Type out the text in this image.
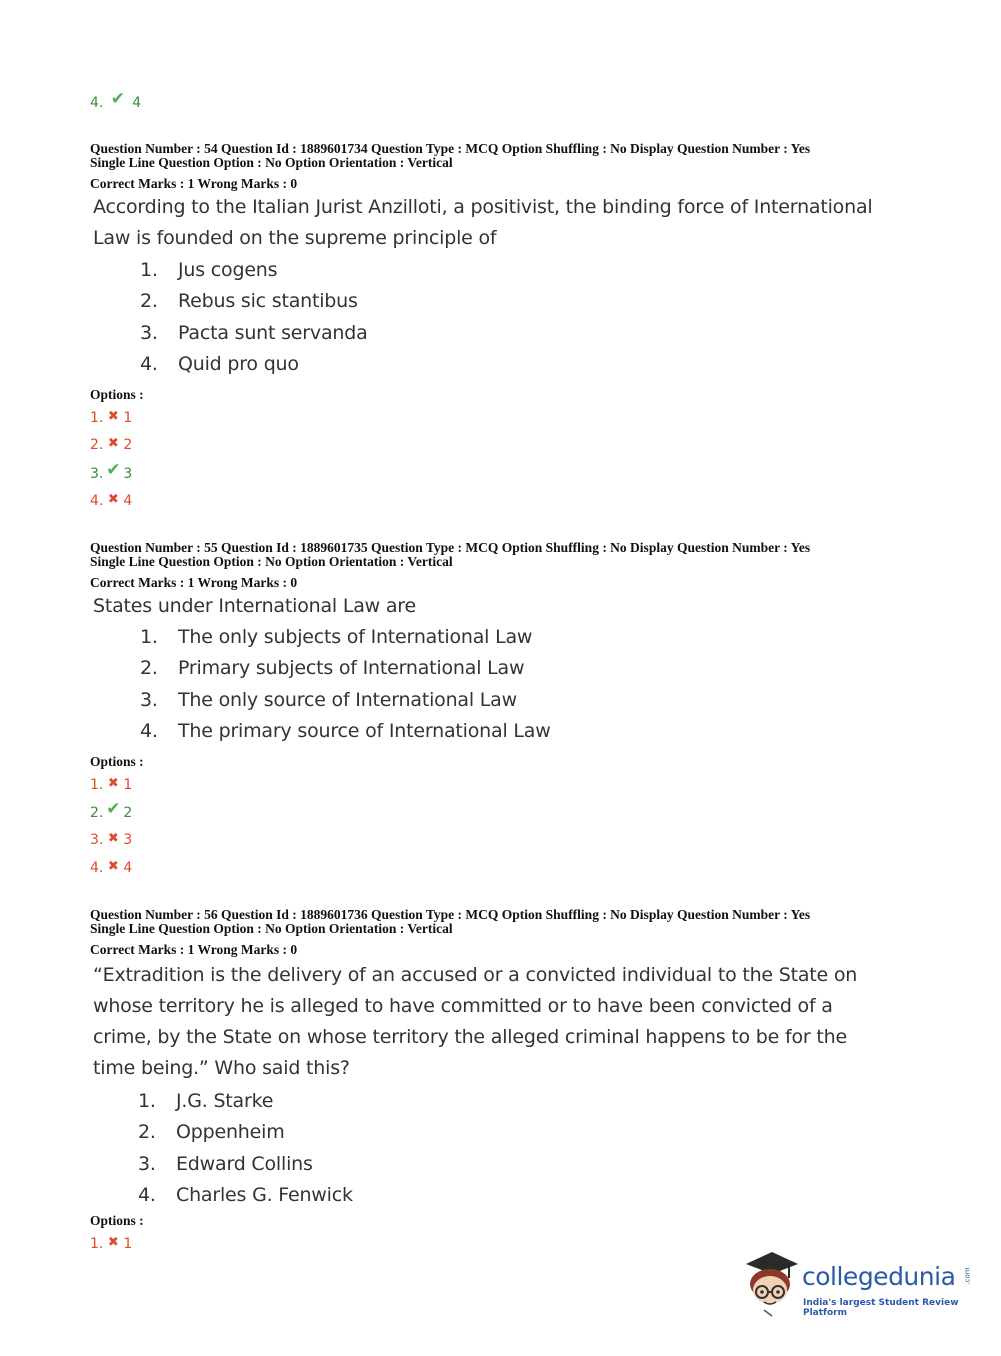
4. ✔ 4
Question Number : 54 Question Id : 1889601734 Question Type : MCQ Option Shuffling : No Display Question Number : Yes
Single Line Question Option : No Option Orientation : Vertical
Correct Marks : 1 Wrong Marks : 0
According to the Italian Jurist Anzilloti, a positivist, the binding force of International Law is founded on the supreme principle of
1. Jus cogens
2. Rebus sic stantibus
3. Pacta sunt servanda
4. Quid pro quo
Options :
1. ✖ 1
2. ✖ 2
3. ✔ 3
4. ✖ 4
Question Number : 55 Question Id : 1889601735 Question Type : MCQ Option Shuffling : No Display Question Number : Yes
Single Line Question Option : No Option Orientation : Vertical
Correct Marks : 1 Wrong Marks : 0
States under International Law are
1. The only subjects of International Law
2. Primary subjects of International Law
3. The only source of International Law
4. The primary source of International Law
Options :
1. ✖ 1
2. ✔ 2
3. ✖ 3
4. ✖ 4
Question Number : 56 Question Id : 1889601736 Question Type : MCQ Option Shuffling : No Display Question Number : Yes
Single Line Question Option : No Option Orientation : Vertical
Correct Marks : 1 Wrong Marks : 0
“Extradition is the delivery of an accused or a convicted individual to the State on whose territory he is alleged to have committed or to have been convicted of a crime, by the State on whose territory the alleged criminal happens to be for the time being.” Who said this?
1. J.G. Starke
2. Oppenheim
3. Edward Collins
4. Charles G. Fenwick
Options :
1. ✖ 1
collegedunia .com
India's largest Student Review Platform
